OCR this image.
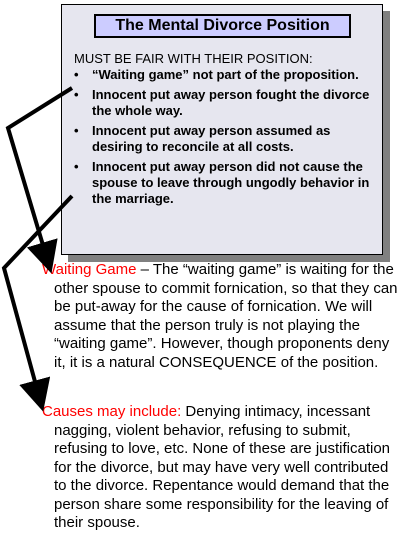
The Mental Divorce Position
MUST BE FAIR WITH THEIR POSITION:
• “Waiting game” not part of the proposition.
• Innocent put away person fought the divorce the whole way.
• Innocent put away person assumed as desiring to reconcile at all costs.
• Innocent put away person did not cause the spouse to leave through ungodly behavior in the marriage.
Waiting Game – The “waiting game” is waiting for the other spouse to commit fornication, so that they can be put-away for the cause of fornication. We will assume that the person truly is not playing the “waiting game”. However, though proponents deny it, it is a natural CONSEQUENCE of the position.
Causes may include: Denying intimacy, incessant nagging, violent behavior, refusing to submit, refusing to love, etc. None of these are justification for the divorce, but may have very well contributed to the divorce. Repentance would demand that the person share some responsibility for the leaving of their spouse.
